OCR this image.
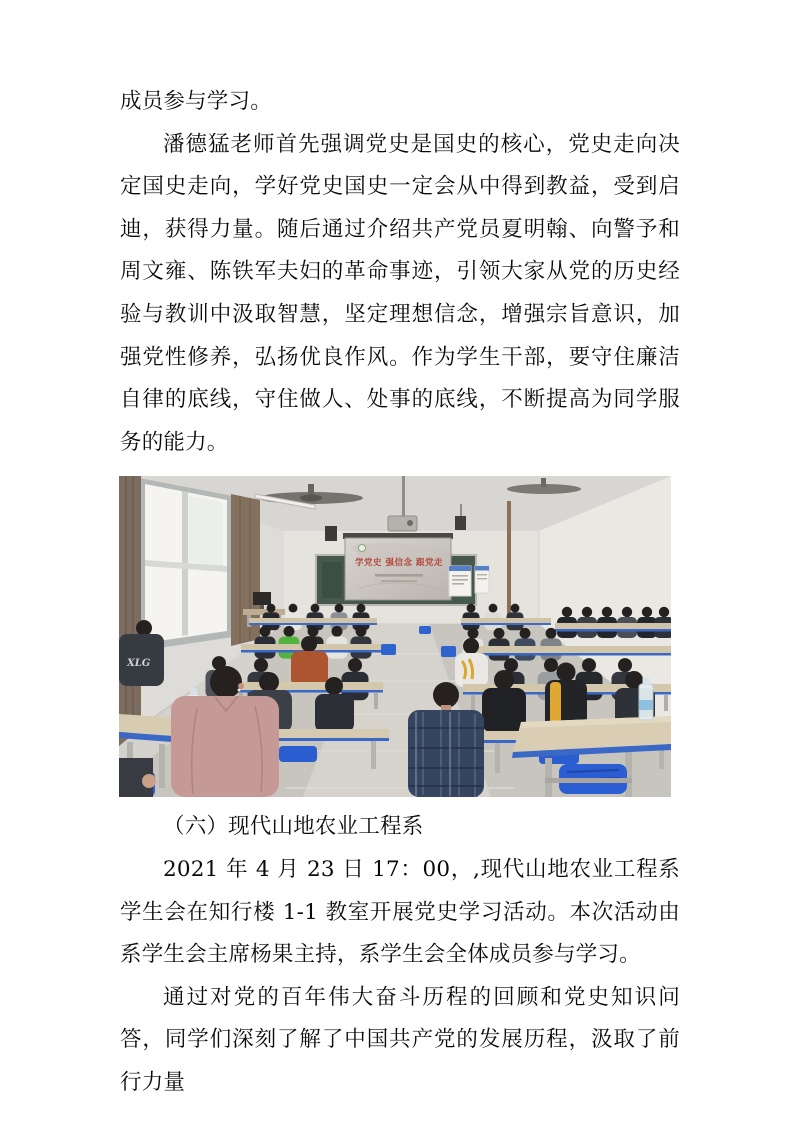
成员参与学习。

潘德猛老师首先强调党史是国史的核心，党史走向决定国史走向，学好党史国史一定会从中得到教益，受到启迪，获得力量。随后通过介绍共产党员夏明翰、向警予和周文雍、陈铁军夫妇的革命事迹，引领大家从党的历史经验与教训中汲取智慧，坚定理想信念，增强宗旨意识，加强党性修养，弘扬优良作风。作为学生干部，要守住廉洁自律的底线，守住做人、处事的底线，不断提高为同学服务的能力。

学党史 强信念 跟党走
XLG

（六）现代山地农业工程系

2021 年 4 月 23 日 17：00，,现代山地农业工程系学生会在知行楼 1-1 教室开展党史学习活动。本次活动由系学生会主席杨果主持，系学生会全体成员参与学习。

通过对党的百年伟大奋斗历程的回顾和党史知识问答，同学们深刻了解了中国共产党的发展历程，汲取了前行力量
